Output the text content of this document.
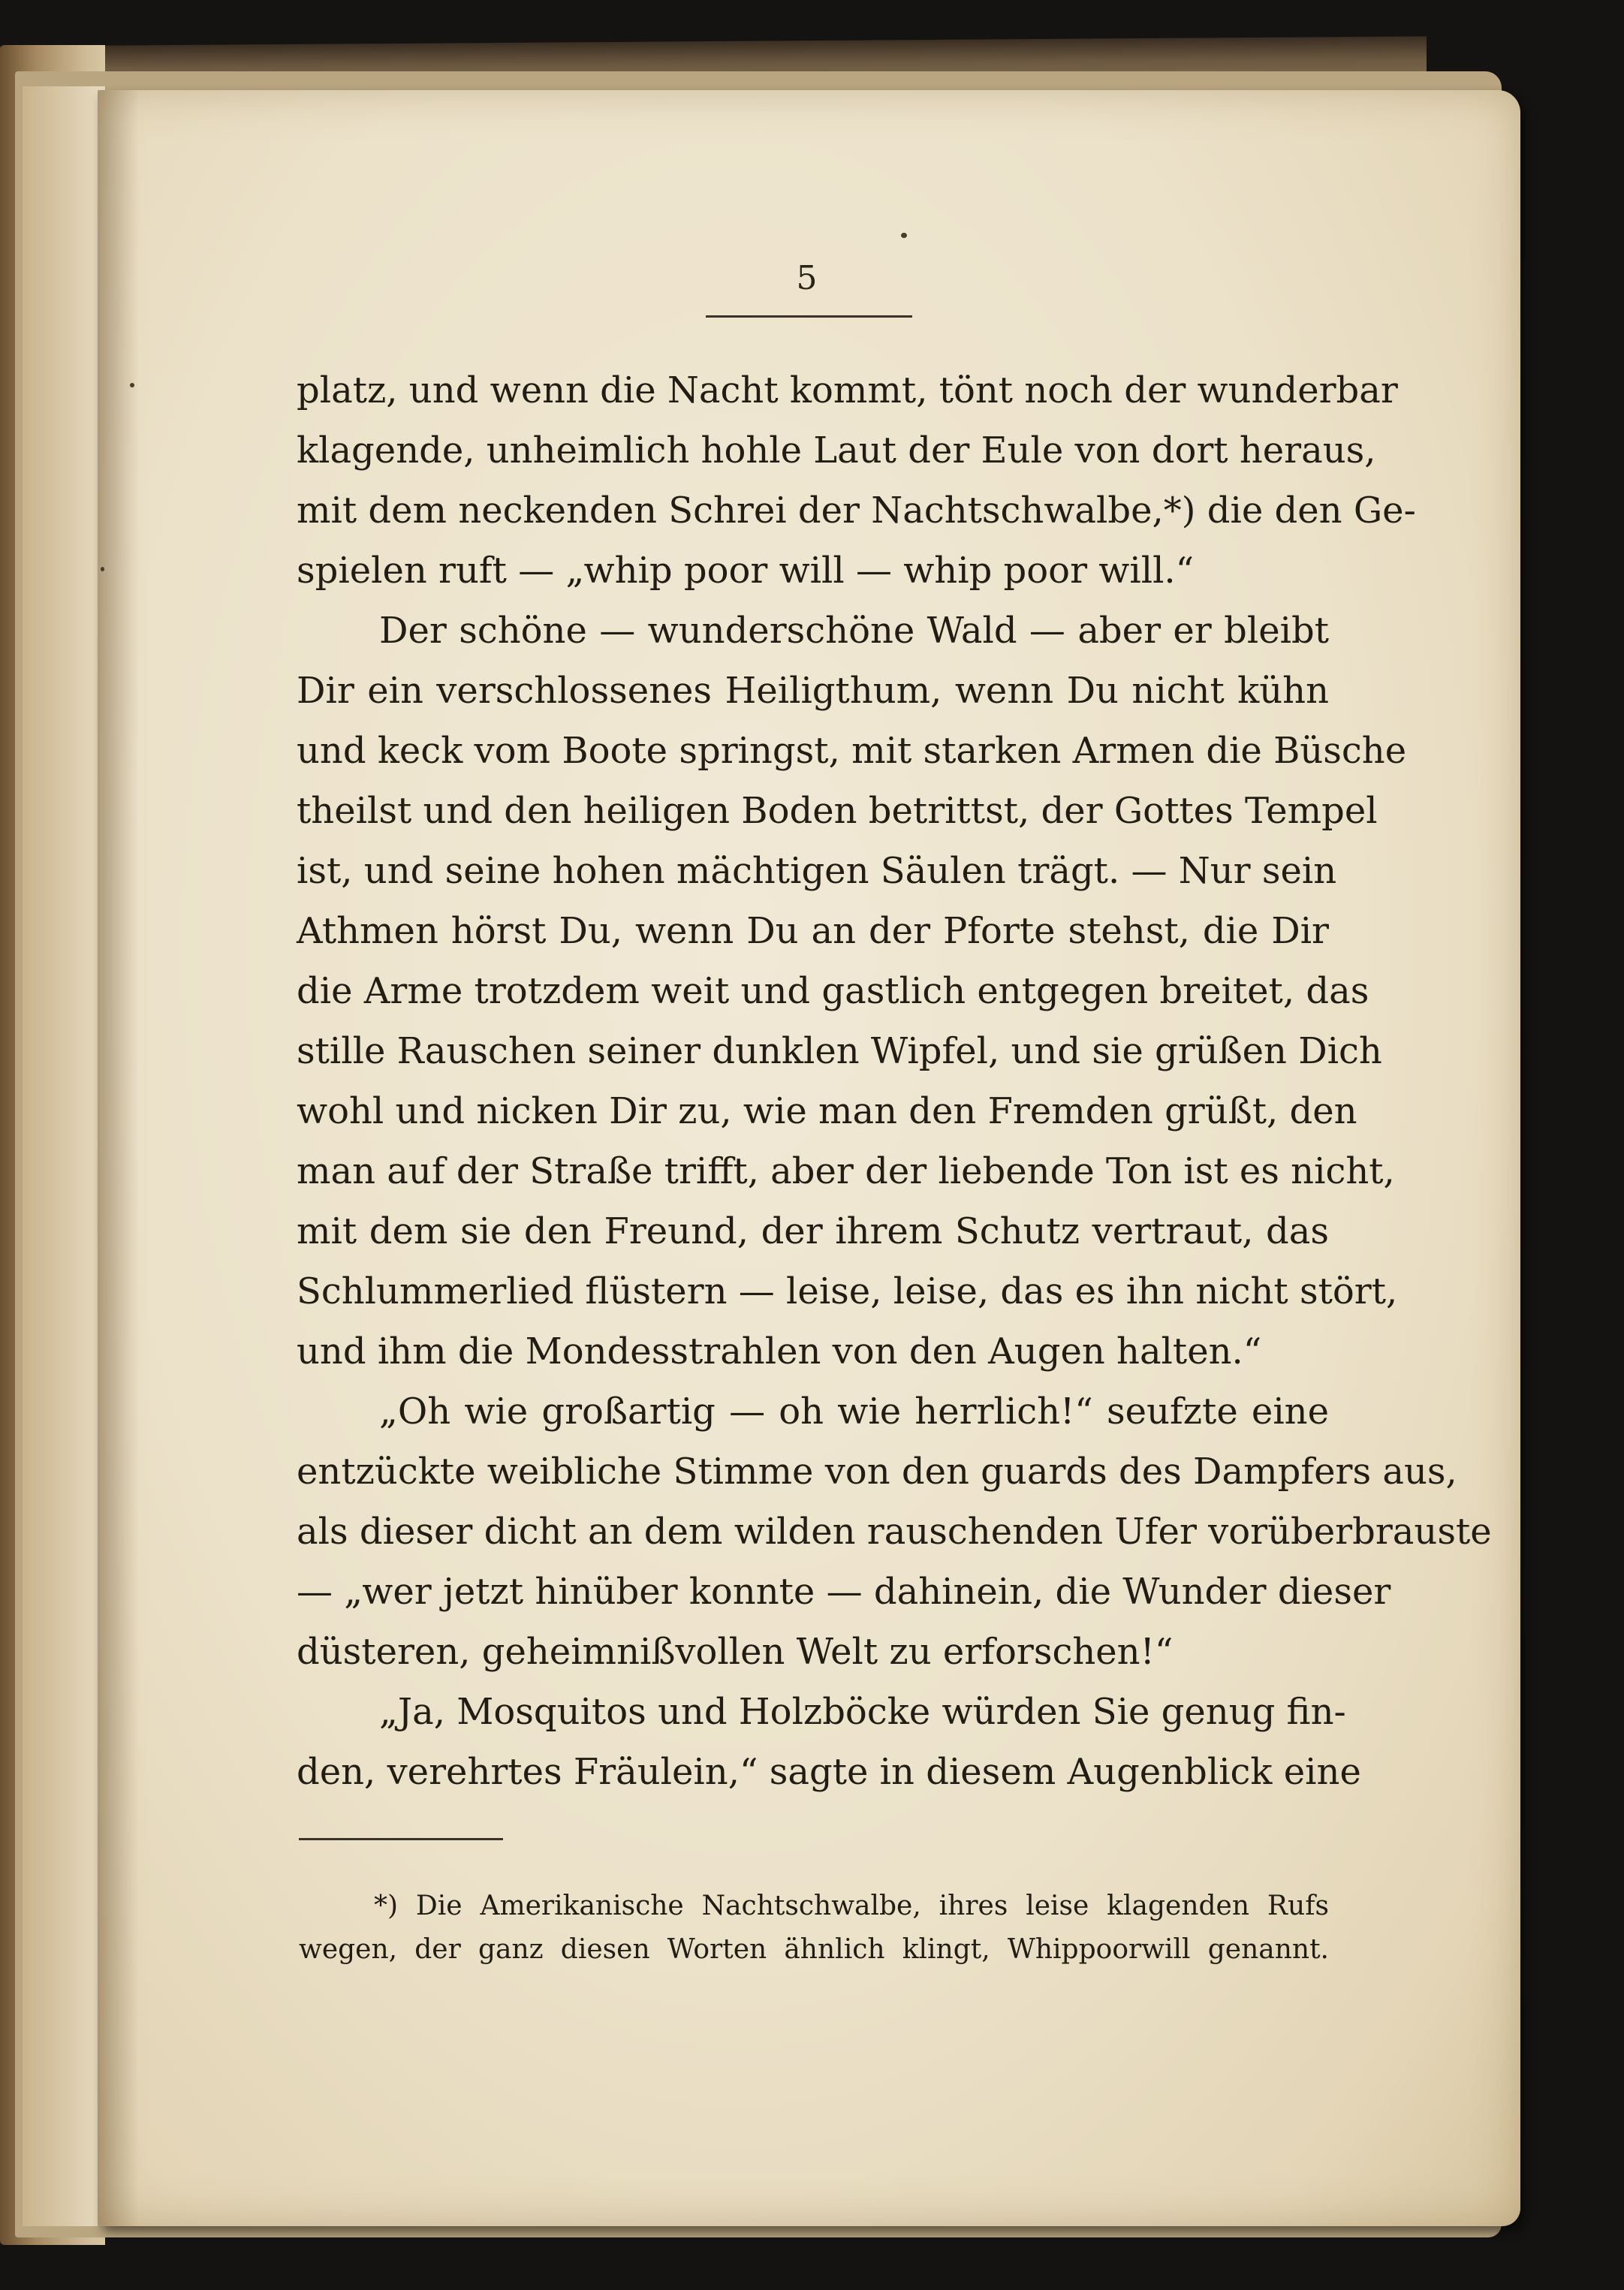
5
platz, und wenn die Nacht kommt, tönt noch der wunderbar
klagende, unheimlich hohle Laut der Eule von dort heraus,
mit dem neckenden Schrei der Nachtschwalbe,*) die den Ge-
spielen ruft — „whip poor will — whip poor will.“
Der schöne — wunderschöne Wald — aber er bleibt
Dir ein verschlossenes Heiligthum, wenn Du nicht kühn
und keck vom Boote springst, mit starken Armen die Büsche
theilst und den heiligen Boden betrittst, der Gottes Tempel
ist, und seine hohen mächtigen Säulen trägt. — Nur sein
Athmen hörst Du, wenn Du an der Pforte stehst, die Dir
die Arme trotzdem weit und gastlich entgegen breitet, das
stille Rauschen seiner dunklen Wipfel, und sie grüßen Dich
wohl und nicken Dir zu, wie man den Fremden grüßt, den
man auf der Straße trifft, aber der liebende Ton ist es nicht,
mit dem sie den Freund, der ihrem Schutz vertraut, das
Schlummerlied flüstern — leise, leise, das es ihn nicht stört,
und ihm die Mondesstrahlen von den Augen halten.“
„Oh wie großartig — oh wie herrlich!“ seufzte eine
entzückte weibliche Stimme von den guards des Dampfers aus,
als dieser dicht an dem wilden rauschenden Ufer vorüberbrauste
— „wer jetzt hinüber konnte — dahinein, die Wunder dieser
düsteren, geheimnißvollen Welt zu erforschen!“
„Ja, Mosquitos und Holzböcke würden Sie genug fin-
den, verehrtes Fräulein,“ sagte in diesem Augenblick eine
*) Die Amerikanische Nachtschwalbe, ihres leise klagenden Rufs
wegen, der ganz diesen Worten ähnlich klingt, Whippoorwill genannt.
